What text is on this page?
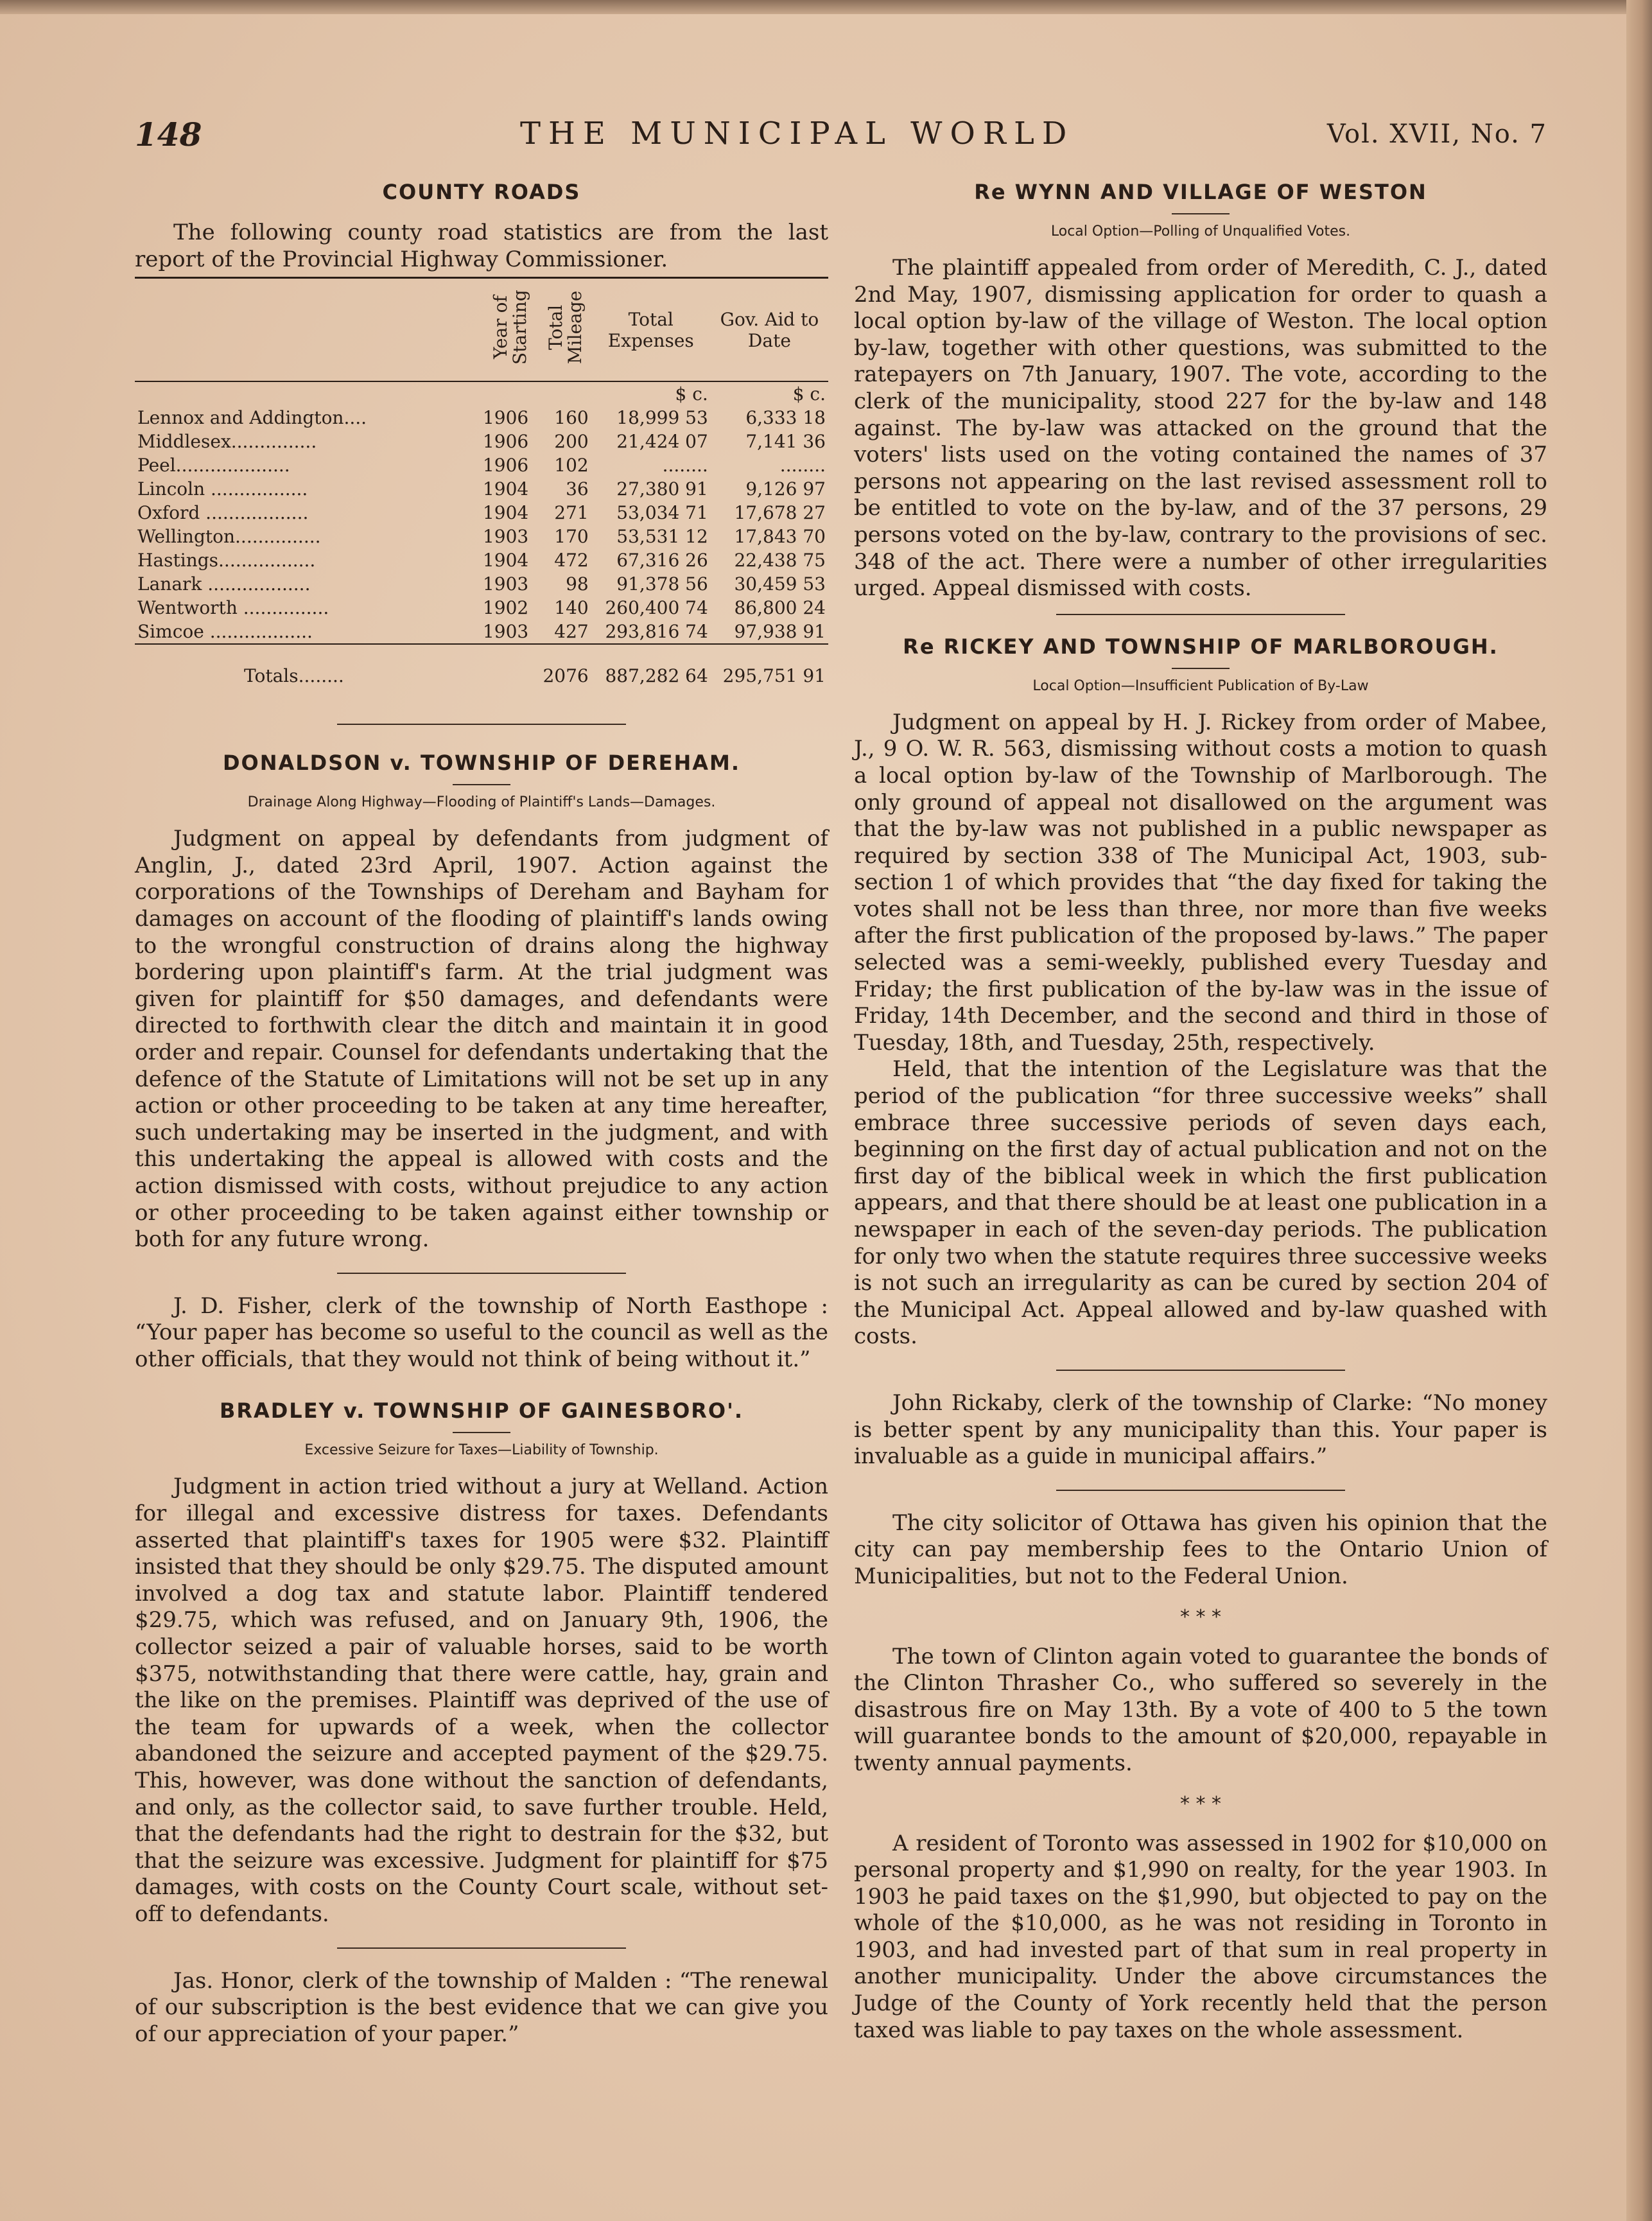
148	THE MUNICIPAL WORLD	Vol. XVII, No. 7
COUNTY ROADS

The following county road statistics are from the last report of the Provincial Highway Commissioner.

	Year of Starting	Total Mileage	Total Expenses	Gov. Aid to Date
			$ c.	$ c.
Lennox and Addington....	1906	160	18,999 53	6,333 18
Middlesex...............	1906	200	21,424 07	7,141 36
Peel....................	1906	102	........	........
Lincoln .................	1904	36	27,380 91	9,126 97
Oxford ..................	1904	271	53,034 71	17,678 27
Wellington...............	1903	170	53,531 12	17,843 70
Hastings.................	1904	472	67,316 26	22,438 75
Lanark ..................	1903	98	91,378 56	30,459 53
Wentworth ...............	1902	140	260,400 74	86,800 24
Simcoe ..................	1903	427	293,816 74	97,938 91

Totals........		2076	887,282 64	295,751 91
DONALDSON v. TOWNSHIP OF DEREHAM.

Drainage Along Highway—Flooding of Plaintiff's Lands—Damages.

Judgment on appeal by defendants from judgment of Anglin, J., dated 23rd April, 1907. Action against the corporations of the Townships of Dereham and Bayham for damages on account of the flooding of plaintiff's lands owing to the wrongful construction of drains along the highway bordering upon plaintiff's farm. At the trial judgment was given for plaintiff for $50 damages, and defendants were directed to forthwith clear the ditch and maintain it in good order and repair. Counsel for defendants undertaking that the defence of the Statute of Limitations will not be set up in any action or other proceeding to be taken at any time hereafter, such undertaking may be inserted in the judgment, and with this undertaking the appeal is allowed with costs and the action dismissed with costs, without prejudice to any action or other proceeding to be taken against either township or both for any future wrong.

J. D. Fisher, clerk of the township of North Easthope : “Your paper has become so useful to the council as well as the other officials, that they would not think of being without it.”

BRADLEY v. TOWNSHIP OF GAINESBORO'.

Excessive Seizure for Taxes—Liability of Township.

Judgment in action tried without a jury at Welland. Action for illegal and excessive distress for taxes. Defendants asserted that plaintiff's taxes for 1905 were $32. Plaintiff insisted that they should be only $29.75. The disputed amount involved a dog tax and statute labor. Plaintiff tendered $29.75, which was refused, and on January 9th, 1906, the collector seized a pair of valuable horses, said to be worth $375, notwithstanding that there were cattle, hay, grain and the like on the premises. Plaintiff was deprived of the use of the team for upwards of a week, when the collector abandoned the seizure and accepted payment of the $29.75. This, however, was done without the sanction of defendants, and only, as the collector said, to save further trouble. Held, that the defendants had the right to destrain for the $32, but that the seizure was excessive. Judgment for plaintiff for $75 damages, with costs on the County Court scale, without set-off to defendants.

Jas. Honor, clerk of the township of Malden : “The renewal of our subscription is the best evidence that we can give you of our appreciation of your paper.”

Re WYNN AND VILLAGE OF WESTON

Local Option—Polling of Unqualified Votes.

The plaintiff appealed from order of Meredith, C. J., dated 2nd May, 1907, dismissing application for order to quash a local option by-law of the village of Weston. The local option by-law, together with other questions, was submitted to the ratepayers on 7th January, 1907. The vote, according to the clerk of the municipality, stood 227 for the by-law and 148 against. The by-law was attacked on the ground that the voters' lists used on the voting contained the names of 37 persons not appearing on the last revised assessment roll to be entitled to vote on the by-law, and of the 37 persons, 29 persons voted on the by-law, contrary to the provisions of sec. 348 of the act. There were a number of other irregularities urged. Appeal dismissed with costs.

Re RICKEY AND TOWNSHIP OF MARLBOROUGH.

Local Option—Insufficient Publication of By-Law

Judgment on appeal by H. J. Rickey from order of Mabee, J., 9 O. W. R. 563, dismissing without costs a motion to quash a local option by-law of the Township of Marlborough. The only ground of appeal not disallowed on the argument was that the by-law was not published in a public newspaper as required by section 338 of The Municipal Act, 1903, sub-section 1 of which provides that “the day fixed for taking the votes shall not be less than three, nor more than five weeks after the first publication of the proposed by-laws.” The paper selected was a semi-weekly, published every Tuesday and Friday; the first publication of the by-law was in the issue of Friday, 14th December, and the second and third in those of Tuesday, 18th, and Tuesday, 25th, respectively.

Held, that the intention of the Legislature was that the period of the publication “for three successive weeks” shall embrace three successive periods of seven days each, beginning on the first day of actual publication and not on the first day of the biblical week in which the first publication appears, and that there should be at least one publication in a newspaper in each of the seven-day periods. The publication for only two when the statute requires three successive weeks is not such an irregularity as can be cured by section 204 of the Municipal Act. Appeal allowed and by-law quashed with costs.

John Rickaby, clerk of the township of Clarke: “No money is better spent by any municipality than this. Your paper is invaluable as a guide in municipal affairs.”

The city solicitor of Ottawa has given his opinion that the city can pay membership fees to the Ontario Union of Municipalities, but not to the Federal Union.

* * *

The town of Clinton again voted to guarantee the bonds of the Clinton Thrasher Co., who suffered so severely in the disastrous fire on May 13th. By a vote of 400 to 5 the town will guarantee bonds to the amount of $20,000, repayable in twenty annual payments.

* * *

A resident of Toronto was assessed in 1902 for $10,000 on personal property and $1,990 on realty, for the year 1903. In 1903 he paid taxes on the $1,990, but objected to pay on the whole of the $10,000, as he was not residing in Toronto in 1903, and had invested part of that sum in real property in another municipality. Under the above circumstances the Judge of the County of York recently held that the person taxed was liable to pay taxes on the whole assessment.
